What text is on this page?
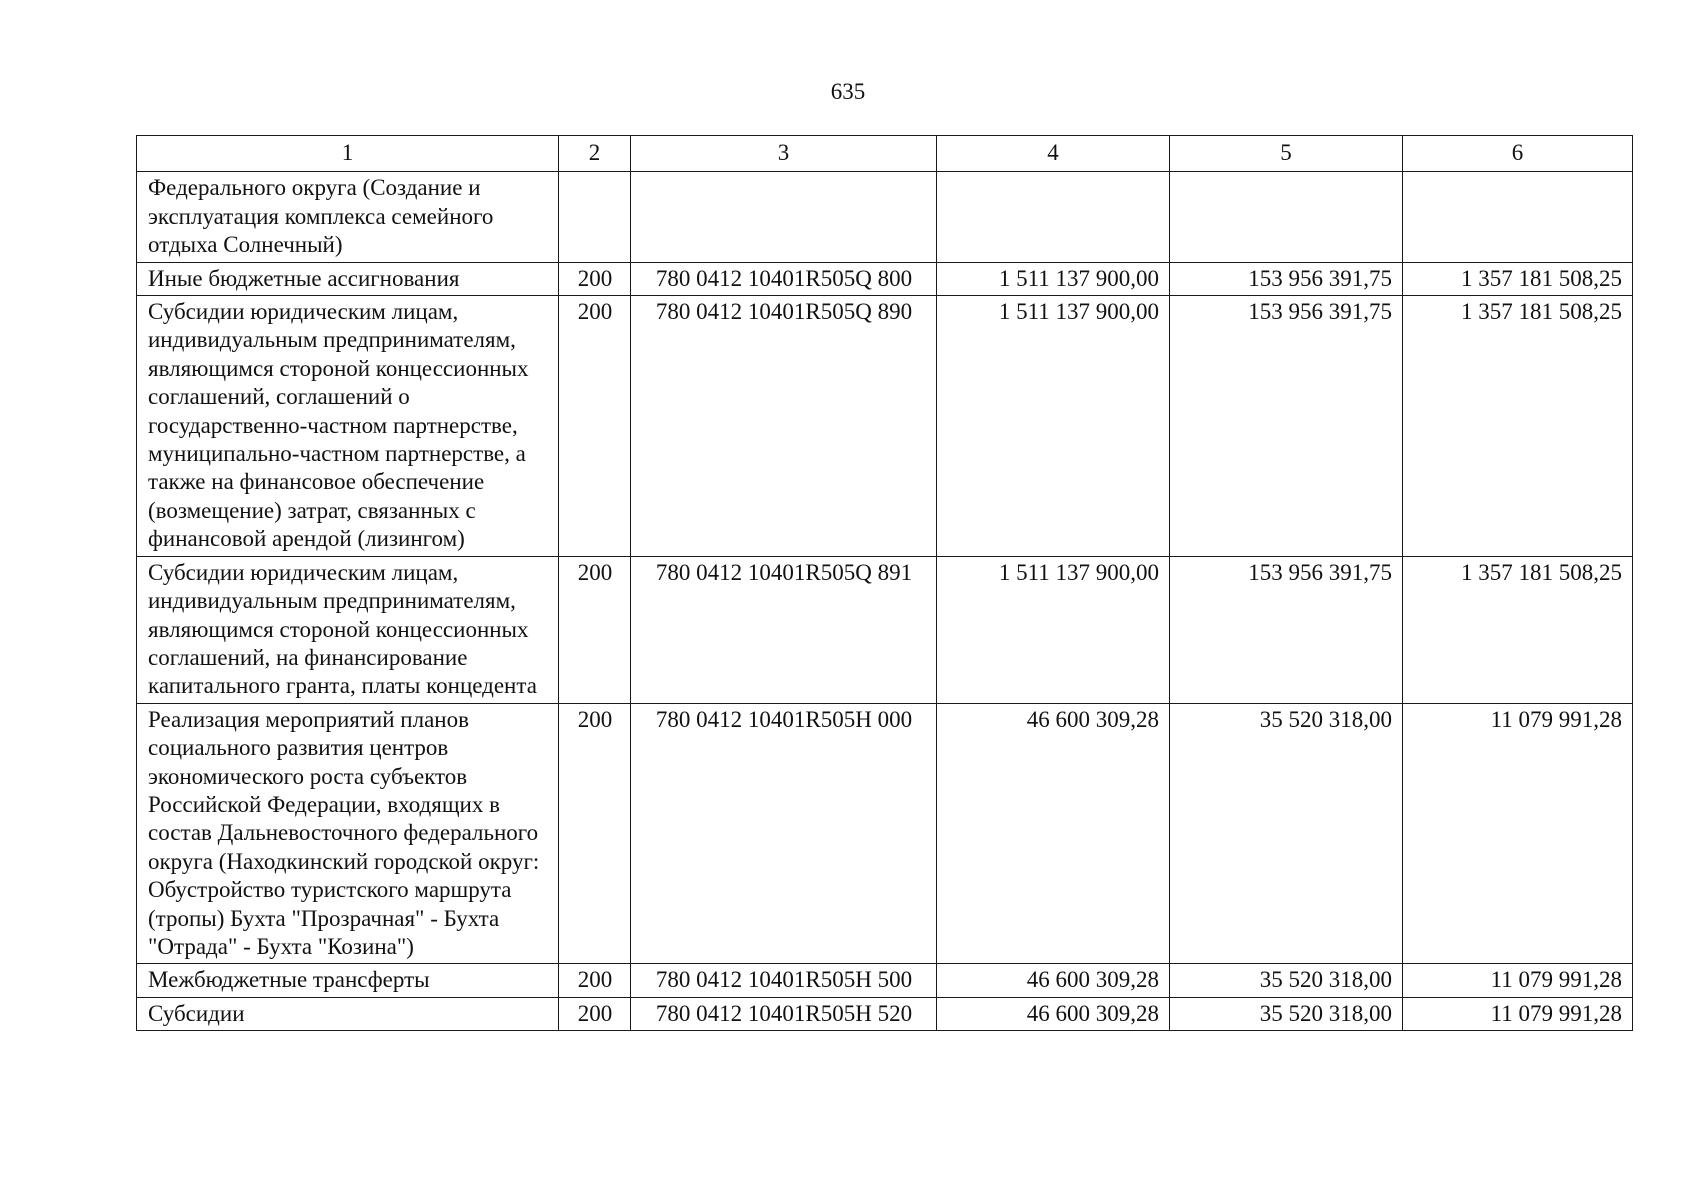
635
1	2	3	4	5	6
Федерального округа (Создание и эксплуатация комплекса семейного отдыха Солнечный)					
Иные бюджетные ассигнования	200	780 0412 10401R505Q 800	1 511 137 900,00	153 956 391,75	1 357 181 508,25
Субсидии юридическим лицам, индивидуальным предпринимателям, являющимся стороной концессионных соглашений, соглашений о государственно-частном партнерстве, муниципально-частном партнерстве, а также на финансовое обеспечение (возмещение) затрат, связанных с финансовой арендой (лизингом)	200	780 0412 10401R505Q 890	1 511 137 900,00	153 956 391,75	1 357 181 508,25
Субсидии юридическим лицам, индивидуальным предпринимателям, являющимся стороной концессионных соглашений, на финансирование капитального гранта, платы концедента	200	780 0412 10401R505Q 891	1 511 137 900,00	153 956 391,75	1 357 181 508,25
Реализация мероприятий планов социального развития центров экономического роста субъектов Российской Федерации, входящих в состав Дальневосточного федерального округа (Находкинский городской округ: Обустройство туристского маршрута (тропы) Бухта "Прозрачная" - Бухта "Отрада" - Бухта "Козина")	200	780 0412 10401R505H 000	46 600 309,28	35 520 318,00	11 079 991,28
Межбюджетные трансферты	200	780 0412 10401R505H 500	46 600 309,28	35 520 318,00	11 079 991,28
Субсидии	200	780 0412 10401R505H 520	46 600 309,28	35 520 318,00	11 079 991,28
